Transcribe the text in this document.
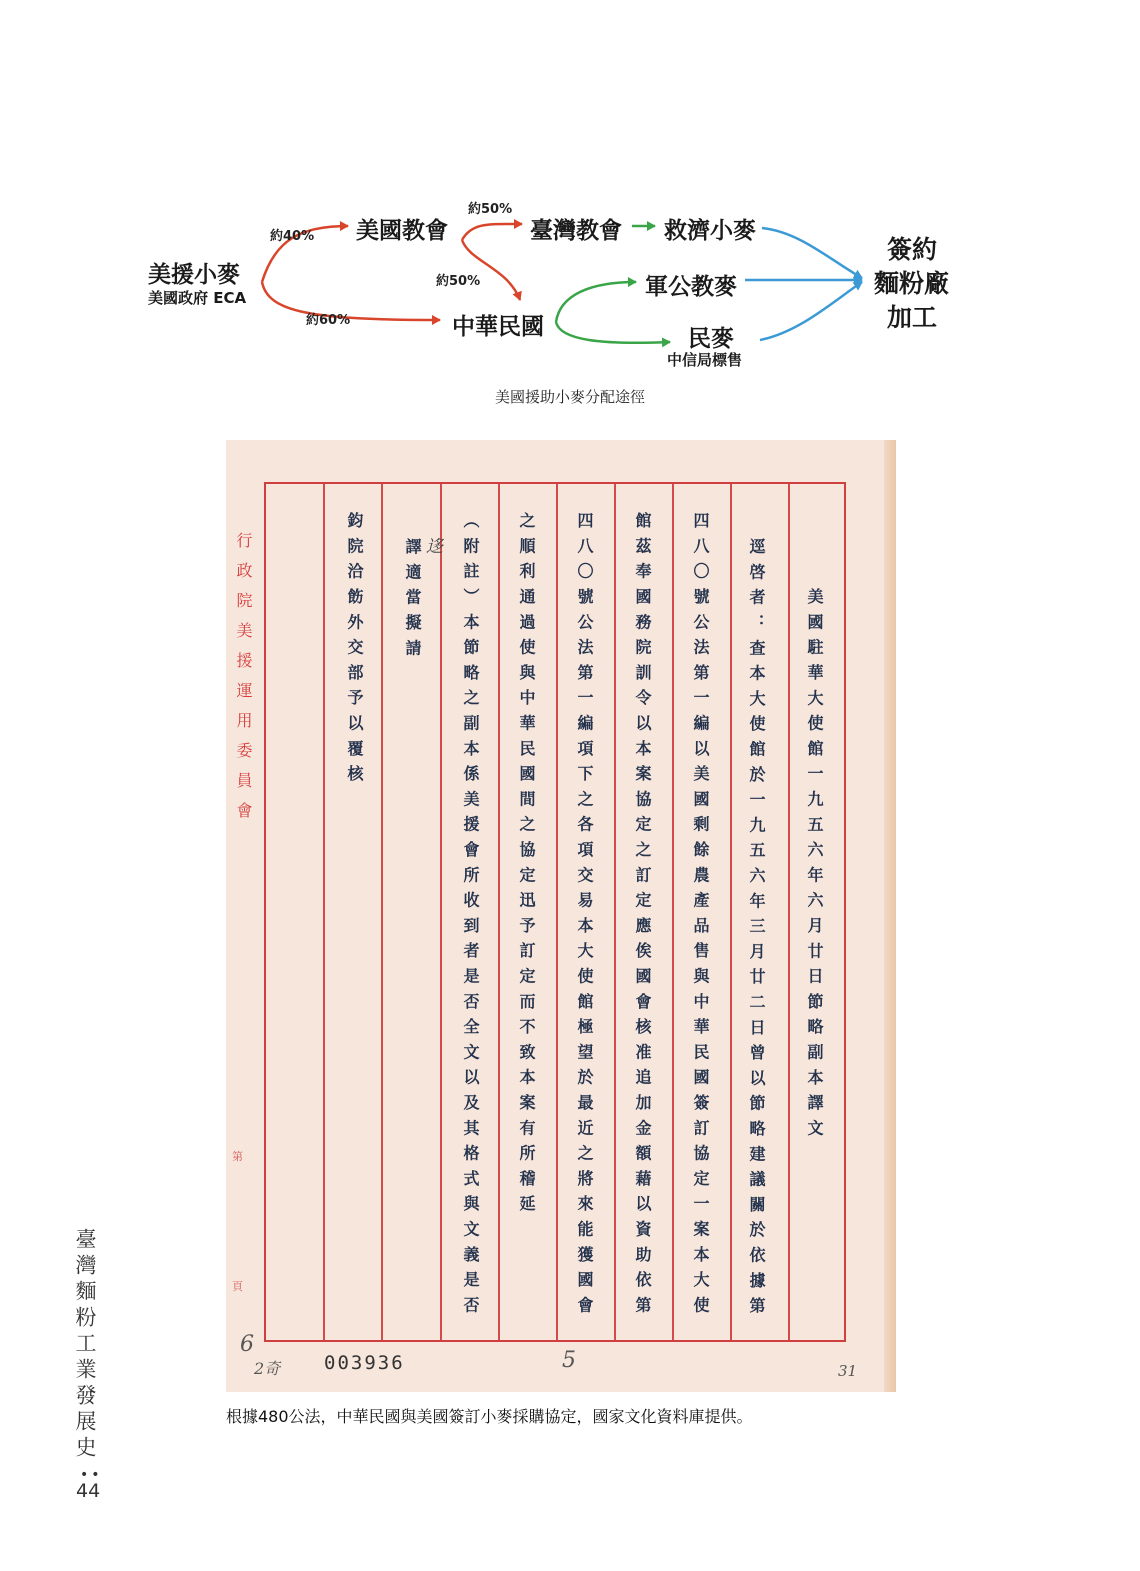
美援小麥
美國政府 ECA
美國教會	臺灣教會 救濟小麥
中華民國
軍公教麥
民麥
中信局標售
簽約
麵粉廠
加工
約40%
約60%
約50%
約50%
美國援助小麥分配途徑
行政院美援運用委員會
第
頁
美國駐華大使館一九五六年六月廿日節略副本譯文
逕啓者：查本大使館於一九五六年三月廿二日曾以節略建議關於依據第
四八〇號公法第一編以美國剩餘農產品售與中華民國簽訂協定一案本大使
館茲奉國務院訓令以本案協定之訂定應俟國會核准追加金額藉以資助依第
四八〇號公法第一編項下之各項交易本大使館極望於最近之將來能獲國會
之順利通過使與中華民國間之協定迅予訂定而不致本案有所稽延
（附註）本節略之副本係美援會所收到者是否全文以及其格式與文義是否
譯適當擬請
鈞院洽飭外交部予以覆核	迻
6
2奇 003936	5	31
根據480公法，中華民國與美國簽訂小麥採購協定，國家文化資料庫提供。
臺灣麵粉工業發展史
••
44
